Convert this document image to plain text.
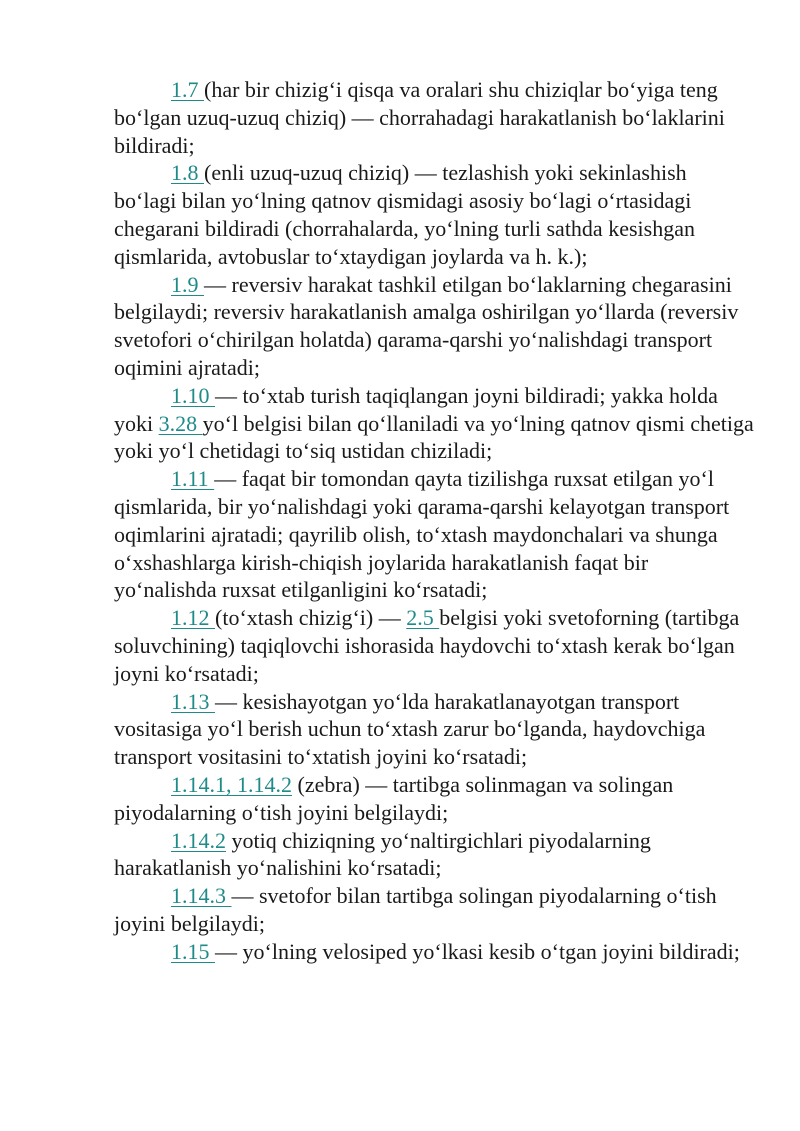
1.7 (har bir chizig‘i qisqa va oralari shu chiziqlar bo‘yiga teng bo‘lgan uzuq-uzuq chiziq) — chorrahadagi harakatlanish bo‘laklarini bildiradi;

1.8 (enli uzuq-uzuq chiziq) — tezlashish yoki sekinlashish bo‘lagi bilan yo‘lning qatnov qismidagi asosiy bo‘lagi o‘rtasidagi chegarani bildiradi (chorrahalarda, yo‘lning turli sathda kesishgan qismlarida, avtobuslar to‘xtaydigan joylarda va h. k.);

1.9 — reversiv harakat tashkil etilgan bo‘laklarning chegarasini belgilaydi; reversiv harakatlanish amalga oshirilgan yo‘llarda (reversiv svetofori o‘chirilgan holatda) qarama-qarshi yo‘nalishdagi transport oqimini ajratadi;

1.10 — to‘xtab turish taqiqlangan joyni bildiradi; yakka holda yoki 3.28 yo‘l belgisi bilan qo‘llaniladi va yo‘lning qatnov qismi chetiga yoki yo‘l chetidagi to‘siq ustidan chiziladi;

1.11 — faqat bir tomondan qayta tizilishga ruxsat etilgan yo‘l qismlarida, bir yo‘nalishdagi yoki qarama-qarshi kelayotgan transport oqimlarini ajratadi; qayrilib olish, to‘xtash maydonchalari va shunga o‘xshashlarga kirish-chiqish joylarida harakatlanish faqat bir yo‘nalishda ruxsat etilganligini ko‘rsatadi;

1.12 (to‘xtash chizig‘i) — 2.5 belgisi yoki svetoforning (tartibga soluvchining) taqiqlovchi ishorasida haydovchi to‘xtash kerak bo‘lgan joyni ko‘rsatadi;

1.13 — kesishayotgan yo‘lda harakatlanayotgan transport vositasiga yo‘l berish uchun to‘xtash zarur bo‘lganda, haydovchiga transport vositasini to‘xtatish joyini ko‘rsatadi;

1.14.1, 1.14.2 (zebra) — tartibga solinmagan va solingan piyodalarning o‘tish joyini belgilaydi;

1.14.2 yotiq chiziqning yo‘naltirgichlari piyodalarning harakatlanish yo‘nalishini ko‘rsatadi;

1.14.3 — svetofor bilan tartibga solingan piyodalarning o‘tish joyini belgilaydi;

1.15 — yo‘lning velosiped yo‘lkasi kesib o‘tgan joyini bildiradi;
